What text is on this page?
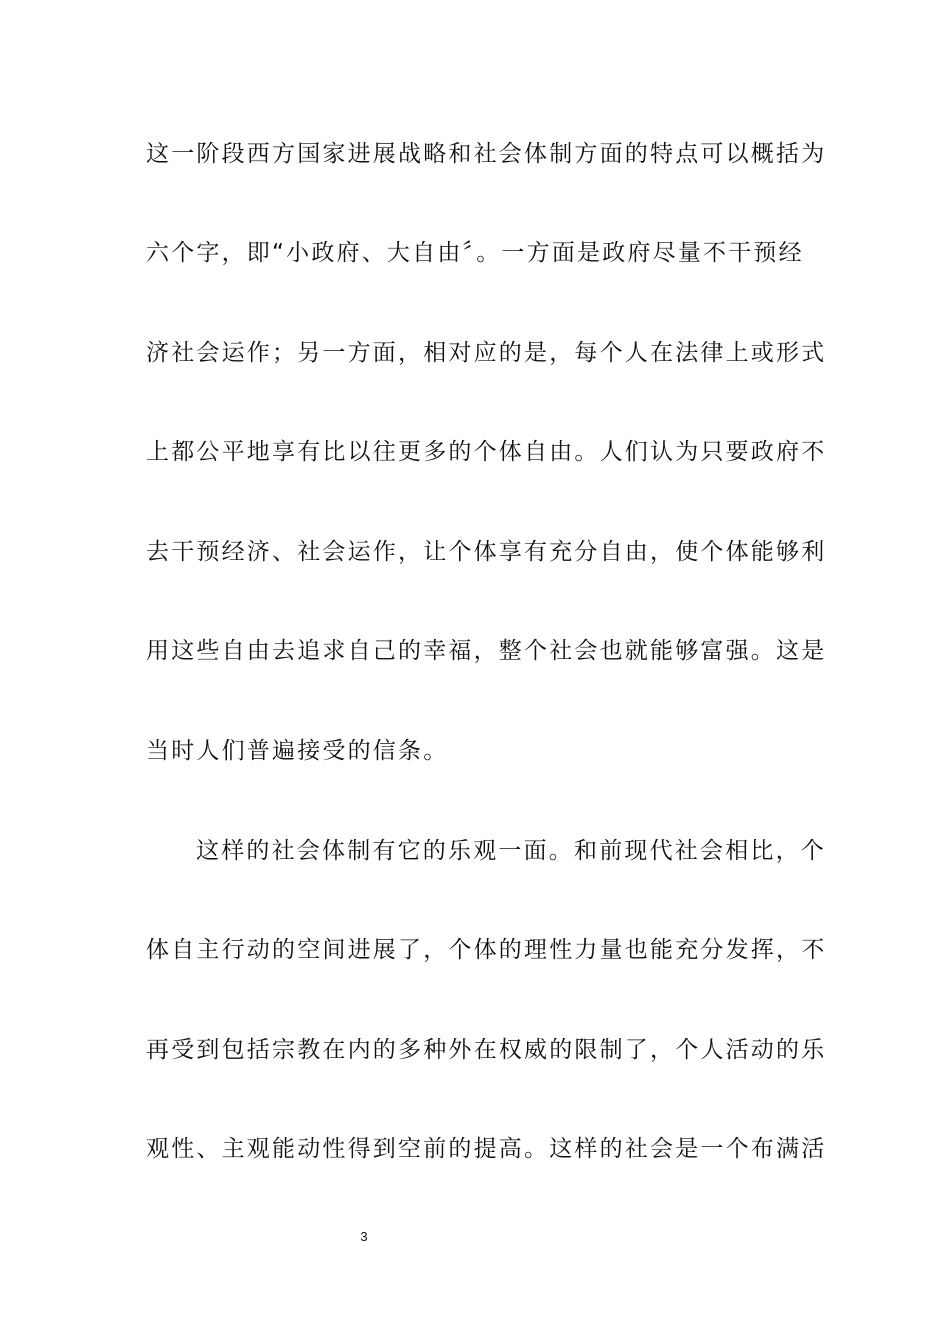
这一阶段西方国家进展战略和社会体制方面的特点可以概括为
六个字，即“小政府、大自由〞。一方面是政府尽量不干预经
济社会运作；另一方面，相对应的是，每个人在法律上或形式
上都公平地享有比以往更多的个体自由。人们认为只要政府不
去干预经济、社会运作，让个体享有充分自由，使个体能够利
用这些自由去追求自己的幸福，整个社会也就能够富强。这是
当时人们普遍接受的信条。
这样的社会体制有它的乐观一面。和前现代社会相比，个
体自主行动的空间进展了，个体的理性力量也能充分发挥，不
再受到包括宗教在内的多种外在权威的限制了，个人活动的乐
观性、主观能动性得到空前的提高。这样的社会是一个布满活
3
